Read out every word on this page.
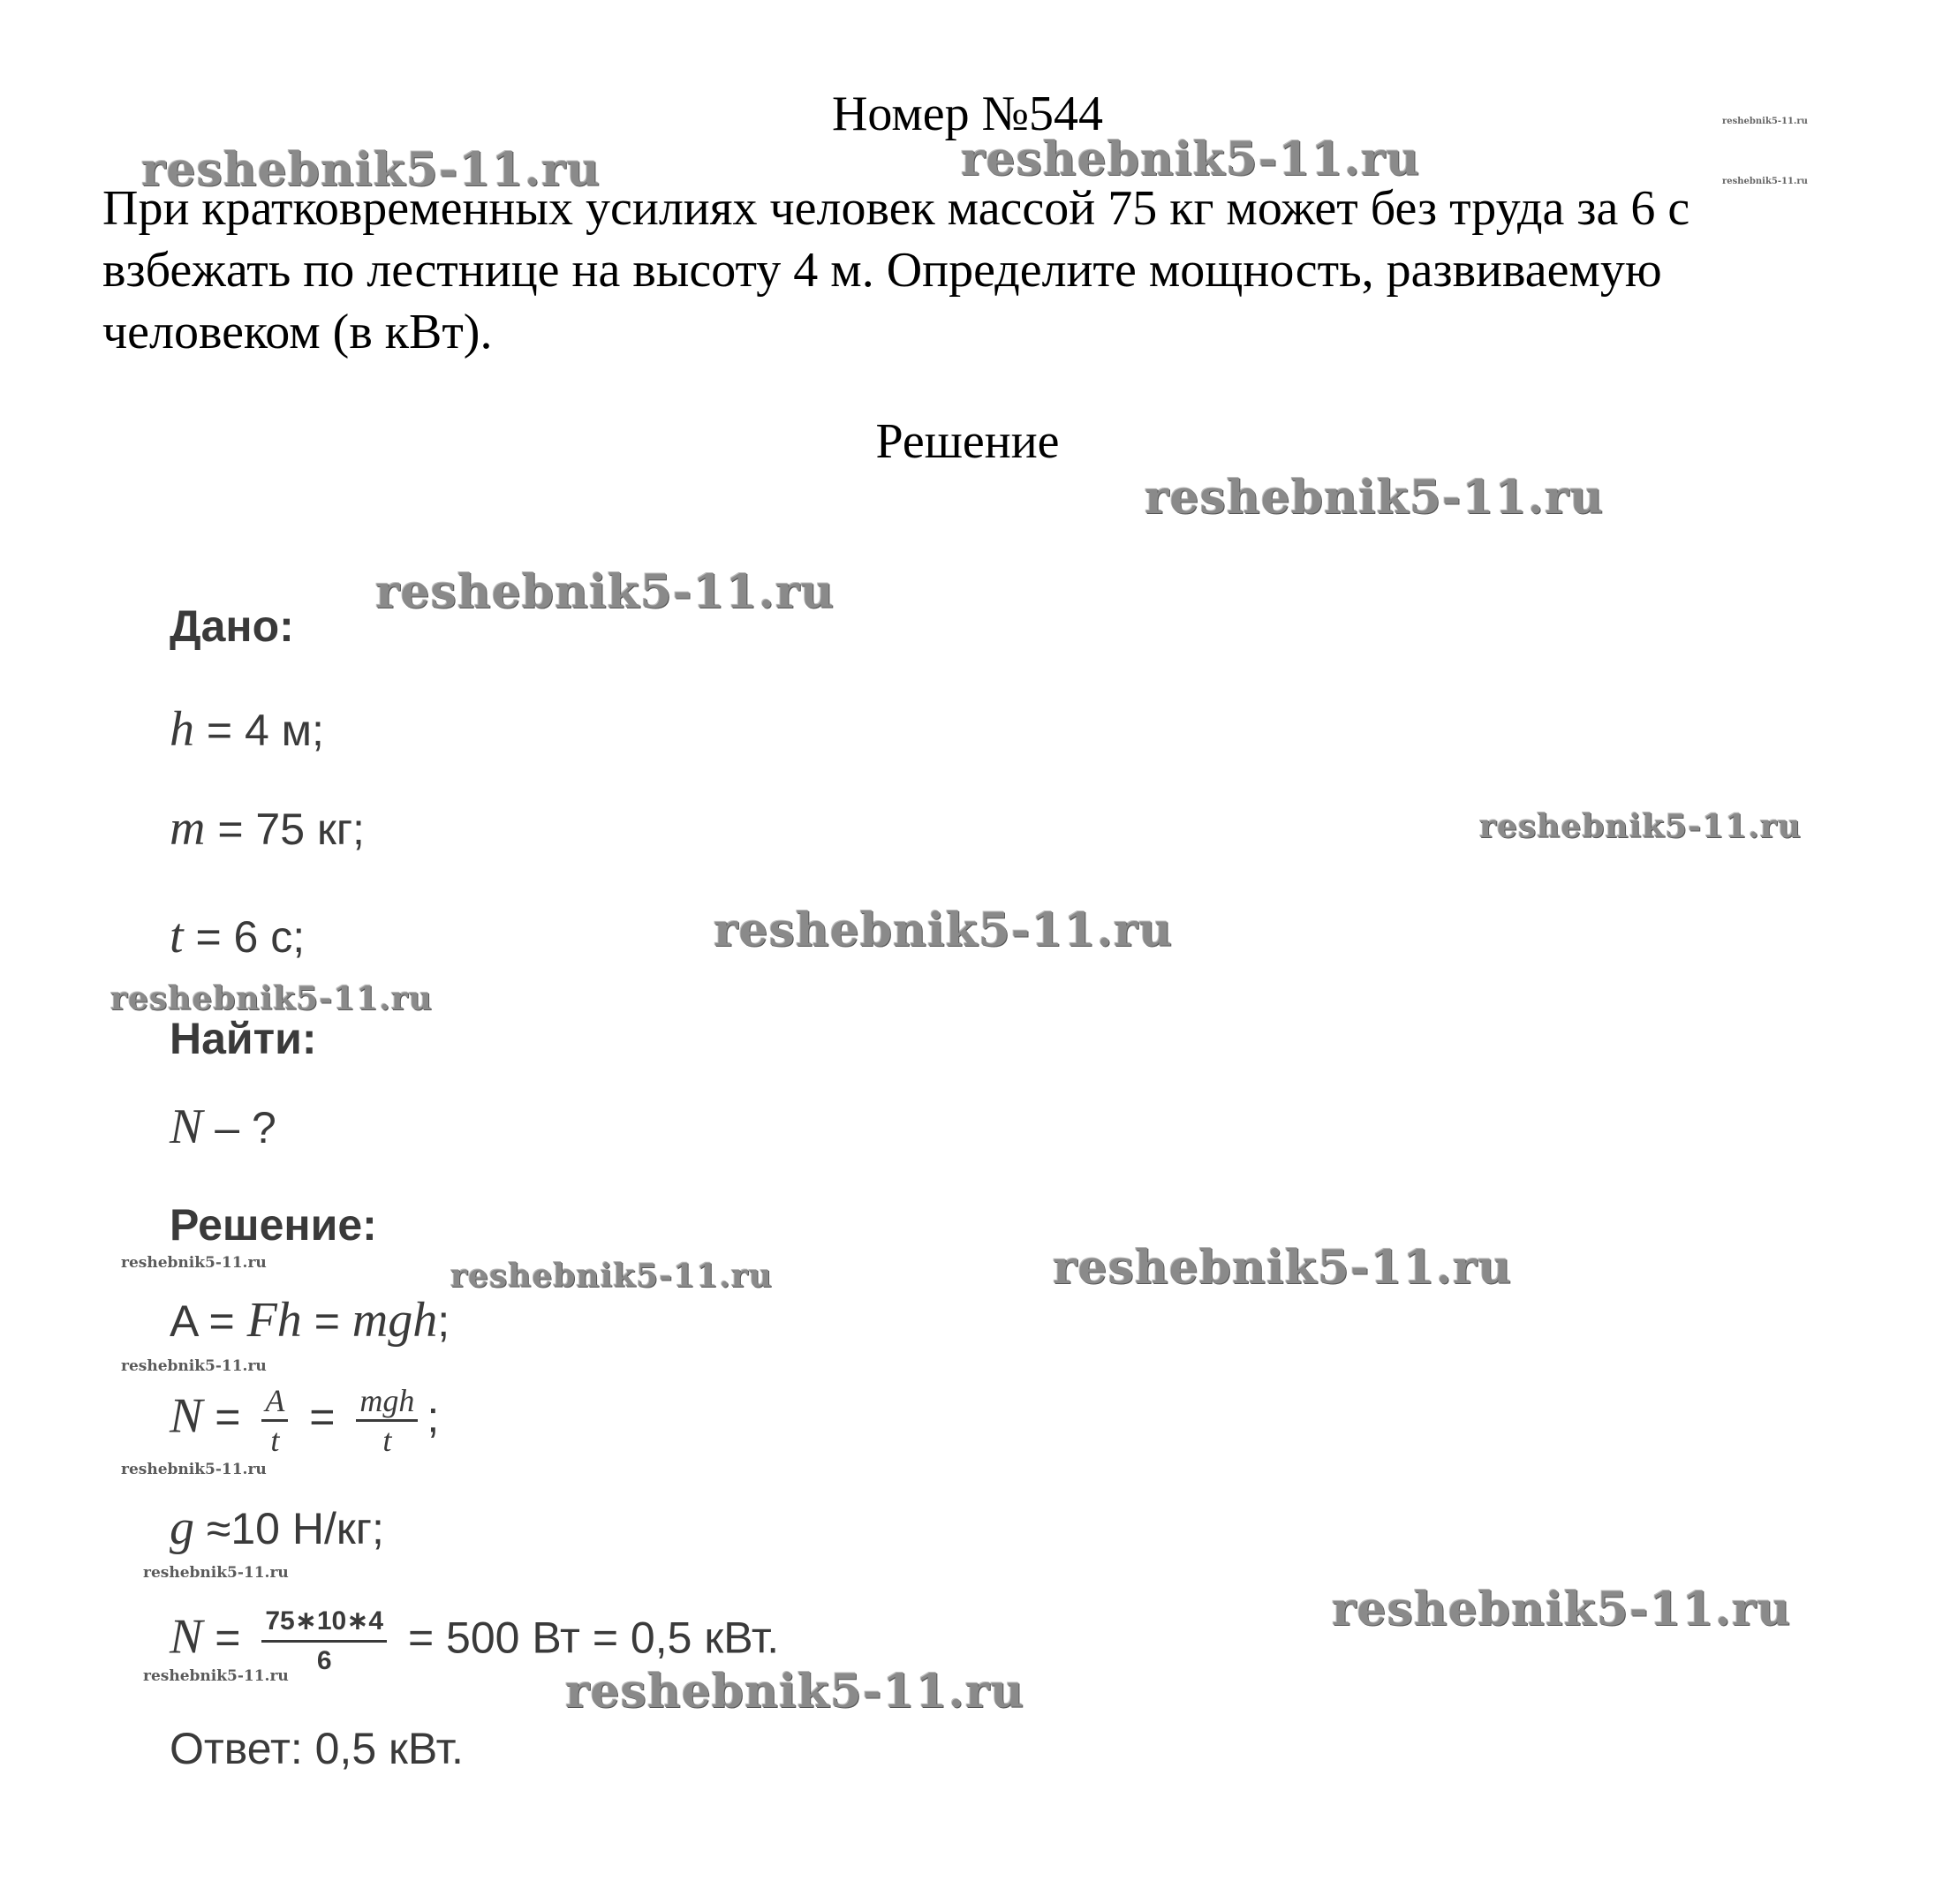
Номер №544
При кратковременных усилиях человек массой 75 кг может без труда за 6 с взбежать по лестнице на высоту 4 м. Определите мощность, развиваемую человеком (в кВт).
Решение
Дано:
h = 4 м;
m = 75 кг;
t = 6 с;
Найти:
N – ?
Решение:
A = Fh = mgh;
$N = \frac{A}{t} = \frac{\text{mgh}}{t}$ ;
g ≈10 Н/кг;
$N = \frac{75∗10∗4}{6} = 500$ Вт = 0,5 кВт.
Ответ: 0,5 кВт.
reshebnik5-11.ru	reshebnik5-11.ru
reshebnik5-11.ru
reshebnik5-11.ru
reshebnik5-11.ru
reshebnik5-11.ru
reshebnik5-11.ru
reshebnik5-11.ru
reshebnik5-11.ru
reshebnik5-11.ru
reshebnik5-11.ru
reshebnik5-11.ru
reshebnik5-11.ru
reshebnik5-11.ru
reshebnik5-11.ru
reshebnik5-11.ru
reshebnik5-11.ru	reshebnik5-11.ru
